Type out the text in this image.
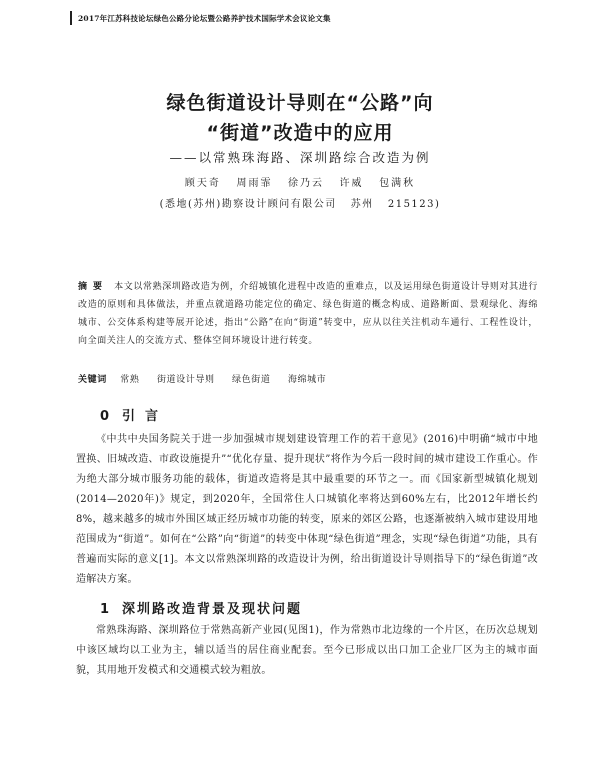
2017年江苏科技论坛绿色公路分论坛暨公路养护技术国际学术会议论文集
绿色街道设计导则在“公路”向
“街道”改造中的应用
——以常熟珠海路、深圳路综合改造为例
顾天奇   周雨霏   徐乃云   许威   包满秋
(悉地(苏州)勘察设计顾问有限公司   苏州   215123)
摘要 本文以常熟深圳路改造为例，介绍城镇化进程中改造的重难点，以及运用绿色街道设计导则对其进行改造的原则和具体做法，并重点就道路功能定位的确定、绿色街道的概念构成、道路断面、景观绿化、海绵城市、公交体系构建等展开论述，指出“公路”在向“街道”转变中，应从以往关注机动车通行、工程性设计，向全面关注人的交流方式、整体空间环境设计进行转变。
关键词 常熟 街道设计导则 绿色街道 海绵城市
0 引言
《中共中央国务院关于进一步加强城市规划建设管理工作的若干意见》(2016)中明确“城市中地置换、旧城改造、市政设施提升”“优化存量、提升现状”将作为今后一段时间的城市建设工作重心。作为绝大部分城市服务功能的载体，街道改造将是其中最重要的环节之一。而《国家新型城镇化规划(2014—2020年)》规定，到2020年，全国常住人口城镇化率将达到60%左右，比2012年增长约8%，越来越多的城市外围区域正经历城市功能的转变，原来的郊区公路，也逐渐被纳入城市建设用地范围成为“街道”。如何在“公路”向“街道”的转变中体现“绿色街道”理念，实现“绿色街道”功能，具有普遍而实际的意义[1]。本文以常熟深圳路的改造设计为例，给出街道设计导则指导下的“绿色街道”改造解决方案。
1 深圳路改造背景及现状问题
常熟珠海路、深圳路位于常熟高新产业园(见图1)，作为常熟市北边缘的一个片区，在历次总规划中该区域均以工业为主，辅以适当的居住商业配套。至今已形成以出口加工企业厂区为主的城市面貌，其用地开发模式和交通模式较为粗放。
